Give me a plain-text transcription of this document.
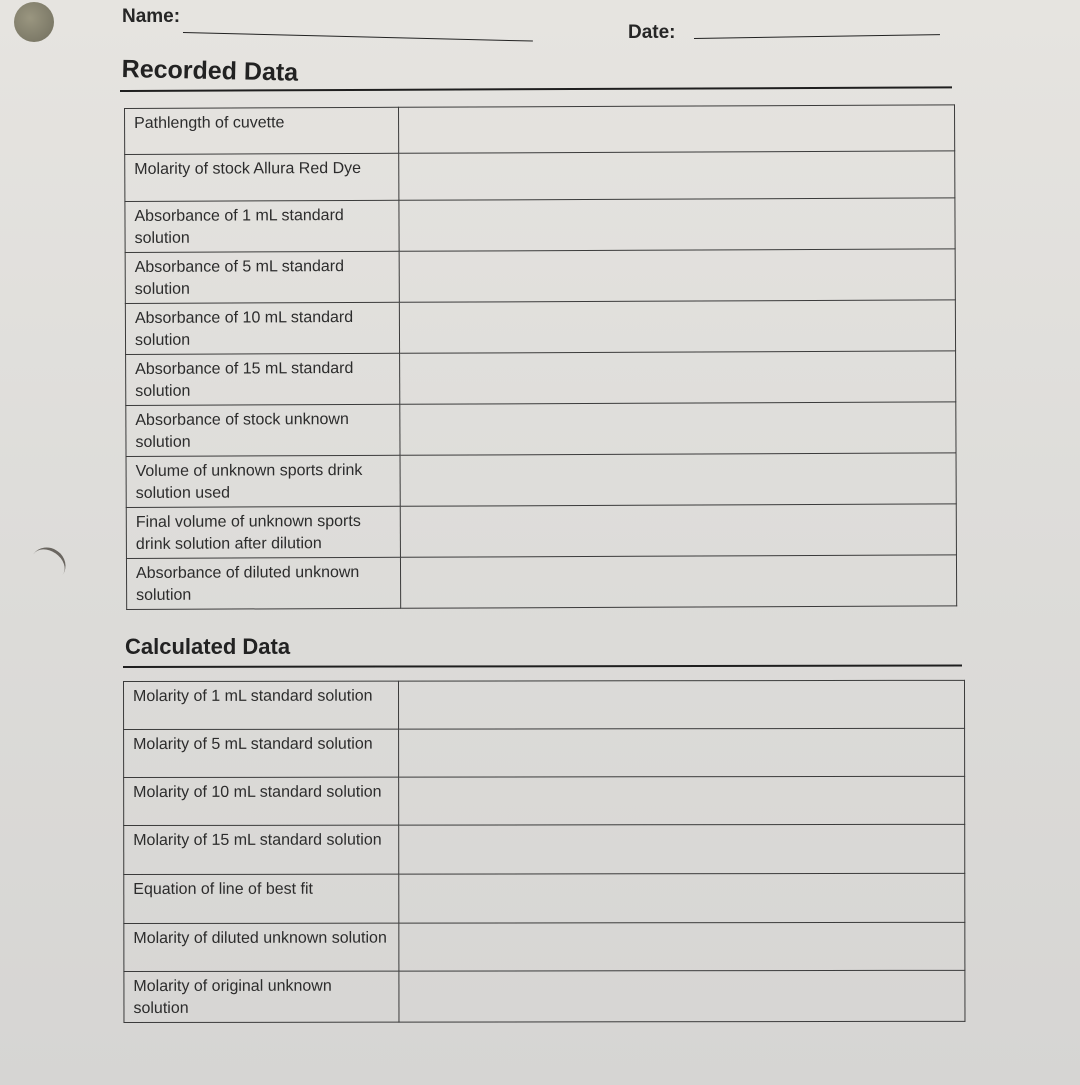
Name:
Date:
Recorded Data
Pathlength of cuvette	
Molarity of stock Allura Red Dye	
Absorbance of 1 mL standard solution	
Absorbance of 5 mL standard solution	
Absorbance of 10 mL standard solution	
Absorbance of 15 mL standard solution	
Absorbance of stock unknown solution	
Volume of unknown sports drink solution used	
Final volume of unknown sports drink solution after dilution	
Absorbance of diluted unknown solution	
Calculated Data
Molarity of 1 mL standard solution	
Molarity of 5 mL standard solution	
Molarity of 10 mL standard solution	
Molarity of 15 mL standard solution	
Equation of line of best fit	
Molarity of diluted unknown solution	
Molarity of original unknown solution	
